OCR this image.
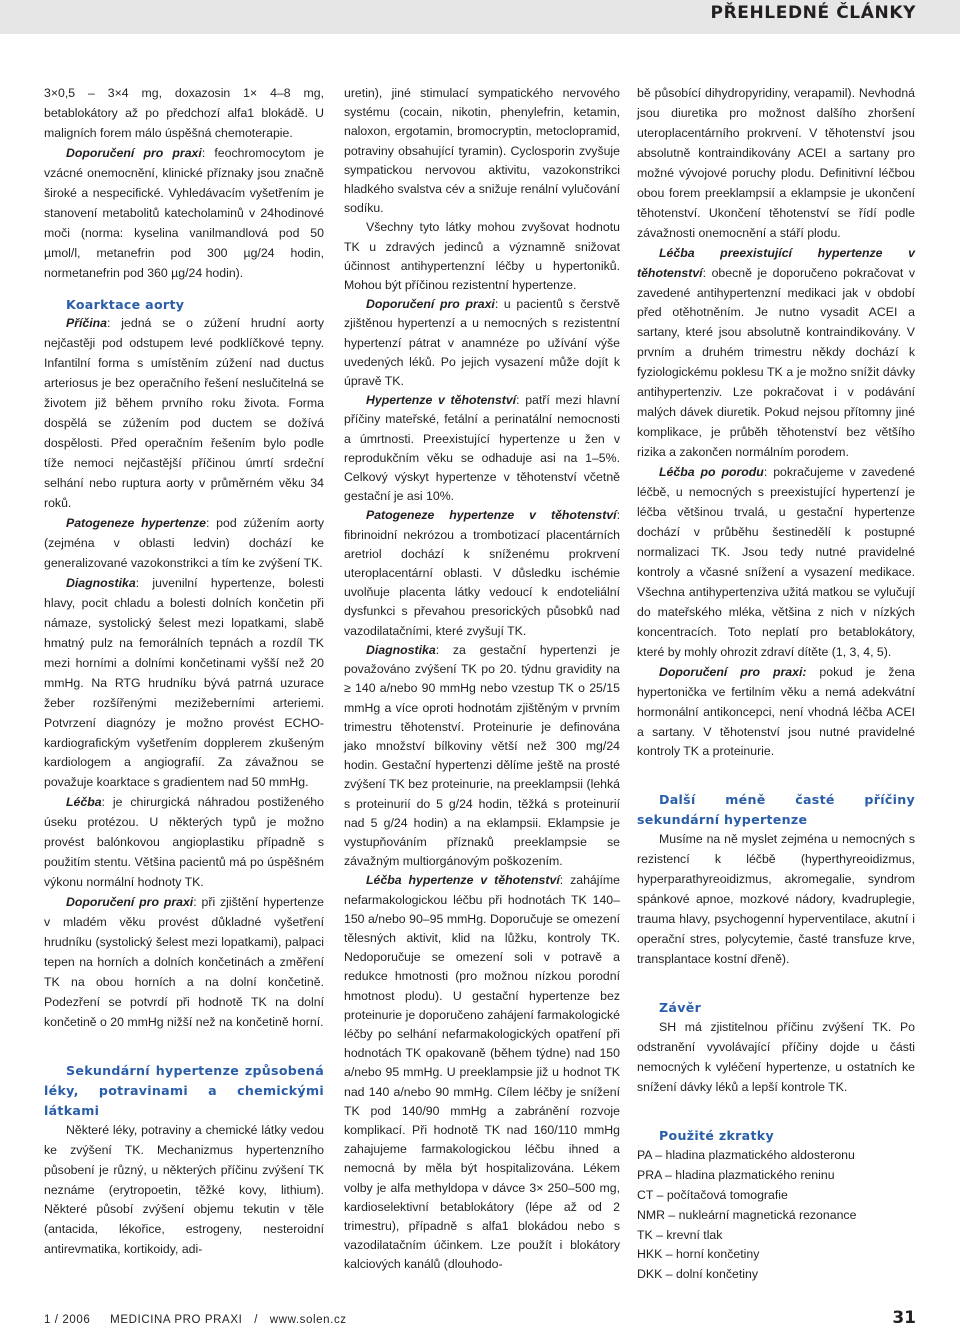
PŘEHLEDNÉ ČLÁNKY

3×0,5 – 3×4 mg, doxazosin 1× 4–8 mg, betablokátory až po předchozí alfa1 blokádě. U maligních forem málo úspěšná chemoterapie.

Doporučení pro praxi: feochromocytom je vzácné onemocnění, klinické příznaky jsou značně široké a nespecifické. Vyhledávacím vyšetřením je stanovení metabolitů katecholaminů v 24hodinové moči (norma: kyselina vanilmandlová pod 50 µmol/l, metanefrin pod 300 µg/24 hodin, normetanefrin pod 360 µg/24 hodin).

Koarktace aorty

Příčina: jedná se o zúžení hrudní aorty nejčastěji pod odstupem levé podklíčkové tepny. Infantilní forma s umístěním zúžení nad ductus arteriosus je bez operačního řešení neslučitelná se životem již během prvního roku života. Forma dospělá se zúžením pod ductem se dožívá dospělosti. Před operačním řešením bylo podle tíže nemoci nejčastější příčinou úmrtí srdeční selhání nebo ruptura aorty v průměrném věku 34 roků.

Patogeneze hypertenze: pod zúžením aorty (zejména v oblasti ledvin) dochází ke generalizované vazokonstrikci a tím ke zvýšení TK.

Diagnostika: juvenilní hypertenze, bolesti hlavy, pocit chladu a bolesti dolních končetin při námaze, systolický šelest mezi lopatkami, slabě hmatný pulz na femorálních tepnách a rozdíl TK mezi horními a dolními končetinami vyšší než 20 mmHg. Na RTG hrudníku bývá patrná uzurace žeber rozšířenými mezižeberními arteriemi. Potvrzení diagnózy je možno provést ECHO-kardiografickým vyšetřením dopplerem zkušeným kardiologem a angiografií. Za závažnou se považuje koarktace s gradientem nad 50 mmHg.

Léčba: je chirurgická náhradou postiženého úseku protézou. U některých typů je možno provést balónkovou angioplastiku případně s použitím stentu. Většina pacientů má po úspěšném výkonu normální hodnoty TK.

Doporučení pro praxi: při zjištění hypertenze v mladém věku provést důkladné vyšetření hrudníku (systolický šelest mezi lopatkami), palpaci tepen na horních a dolních končetinách a změření TK na obou horních a na dolní končetině. Podezření se potvrdí při hodnotě TK na dolní končetině o 20 mmHg nižší než na končetině horní.

Sekundární hypertenze způsobená léky, potravinami a chemickými látkami

Některé léky, potraviny a chemické látky vedou ke zvýšení TK. Mechanizmus hypertenzního působení je různý, u některých příčinu zvýšení TK neznáme (erytropoetin, těžké kovy, lithium). Některé působí zvýšení objemu tekutin v těle (antacida, lékořice, estrogeny, nesteroidní antirevmatika, kortikoidy, adi-

uretin), jiné stimulací sympatického nervového systému (cocain, nikotin, phenylefrin, ketamin, naloxon, ergotamin, bromocryptin, metoclopramid, potraviny obsahující tyramin). Cyclosporin zvyšuje sympatickou nervovou aktivitu, vazokonstrikci hladkého svalstva cév a snižuje renální vylučování sodíku.

Všechny tyto látky mohou zvyšovat hodnotu TK u zdravých jedinců a významně snižovat účinnost antihypertenzní léčby u hypertoniků. Mohou být příčinou rezistentní hypertenze.

Doporučení pro praxi: u pacientů s čerstvě zjištěnou hypertenzí a u nemocných s rezistentní hypertenzí pátrat v anamnéze po užívání výše uvedených léků. Po jejich vysazení může dojít k úpravě TK.

Hypertenze v těhotenství: patří mezi hlavní příčiny mateřské, fetální a perinatální nemocnosti a úmrtnosti. Preexistující hypertenze u žen v reprodukčním věku se odhaduje asi na 1–5%. Celkový výskyt hypertenze v těhotenství včetně gestační je asi 10%.

Patogeneze hypertenze v těhotenství: fibrinoidní nekrózou a trombotizací placentárních aretriol dochází k sníženému prokrvení uteroplacentární oblasti. V důsledku ischémie uvolňuje placenta látky vedoucí k endoteliální dysfunkci s převahou presorických působků nad vazodilatačními, které zvyšují TK.

Diagnostika: za gestační hypertenzi je považováno zvýšení TK po 20. týdnu gravidity na ≥ 140 a/nebo 90 mmHg nebo vzestup TK o 25/15 mmHg a více oproti hodnotám zjištěným v prvním trimestru těhotenství. Proteinurie je definována jako množství bílkoviny větší než 300 mg/24 hodin. Gestační hypertenzi dělíme ještě na prosté zvýšení TK bez proteinurie, na preeklampsii (lehká s proteinurií do 5 g/24 hodin, těžká s proteinurií nad 5 g/24 hodin) a na eklampsii. Eklampsie je vystupňováním příznaků preeklampsie se závažným multiorgánovým poškozením.

Léčba hypertenze v těhotenství: zahájíme nefarmakologickou léčbu při hodnotách TK 140–150 a/nebo 90–95 mmHg. Doporučuje se omezení tělesných aktivit, klid na lůžku, kontroly TK. Nedoporučuje se omezení soli v potravě a redukce hmotnosti (pro možnou nízkou porodní hmotnost plodu). U gestační hypertenze bez proteinurie je doporučeno zahájení farmakologické léčby po selhání nefarmakologických opatření při hodnotách TK opakovaně (během týdne) nad 150 a/nebo 95 mmHg. U preeklampsie již u hodnot TK nad 140 a/nebo 90 mmHg. Cílem léčby je snížení TK pod 140/90 mmHg a zabránění rozvoje komplikací. Při hodnotě TK nad 160/110 mmHg zahajujeme farmakologickou léčbu ihned a nemocná by měla být hospitalizována. Lékem volby je alfa methyldopa v dávce 3× 250–500 mg, kardioselektivní betablokátory (lépe až od 2 trimestru), případně s alfa1 blokádou nebo s vazodilatačním účinkem. Lze použít i blokátory kalciových kanálů (dlouhodo-

bě působící dihydropyridiny, verapamil). Nevhodná jsou diuretika pro možnost dalšího zhoršení uteroplacentárního prokrvení. V těhotenství jsou absolutně kontraindikovány ACEI a sartany pro možné vývojové poruchy plodu. Definitivní léčbou obou forem preeklampsií a eklampsie je ukončení těhotenství. Ukončení těhotenství se řídí podle závažnosti onemocnění a stáří plodu.

Léčba preexistující hypertenze v těhotenství: obecně je doporučeno pokračovat v zavedené antihypertenzní medikaci jak v období před otěhotněním. Je nutno vysadit ACEI a sartany, které jsou absolutně kontraindikovány. V prvním a druhém trimestru někdy dochází k fyziologickému poklesu TK a je možno snížit dávky antihypertenziv. Lze pokračovat i v podávání malých dávek diuretik. Pokud nejsou přítomny jiné komplikace, je průběh těhotenství bez většího rizika a zakončen normálním porodem.

Léčba po porodu: pokračujeme v zavedené léčbě, u nemocných s preexistující hypertenzí je léčba většinou trvalá, u gestační hypertenze dochází v průběhu šestinedělí k postupné normalizaci TK. Jsou tedy nutné pravidelné kontroly a včasné snížení a vysazení medikace. Všechna antihypertenziva užitá matkou se vylučují do mateřského mléka, většina z nich v nízkých koncentracích. Toto neplatí pro betablokátory, které by mohly ohrozit zdraví dítěte (1, 3, 4, 5).

Doporučení pro praxi: pokud je žena hypertonička ve fertilním věku a nemá adekvátní hormonální antikoncepci, není vhodná léčba ACEI a sartany. V těhotenství jsou nutné pravidelné kontroly TK a proteinurie.

Další méně časté příčiny sekundární hypertenze

Musíme na ně myslet zejména u nemocných s rezistencí k léčbě (hyperthyreoidizmus, hyperparathyreoidizmus, akromegalie, syndrom spánkové apnoe, mozkové nádory, kvadruplegie, trauma hlavy, psychogenní hyperventilace, akutní i operační stres, polycytemie, časté transfuze krve, transplantace kostní dřeně).

Závěr

SH má zjistitelnou příčinu zvýšení TK. Po odstranění vyvolávající příčiny dojde u části nemocných k vyléčení hypertenze, u ostatních ke snížení dávky léků a lepší kontrole TK.

Použité zkratky

PA – hladina plazmatického aldosteronu
PRA – hladina plazmatického reninu
CT – počítačová tomografie
NMR – nukleární magnetická rezonance
TK – krevní tlak
HKK – horní končetiny
DKK – dolní končetiny
1 / 2006 MEDICINA PRO PRAXI / www.solen.cz	31
